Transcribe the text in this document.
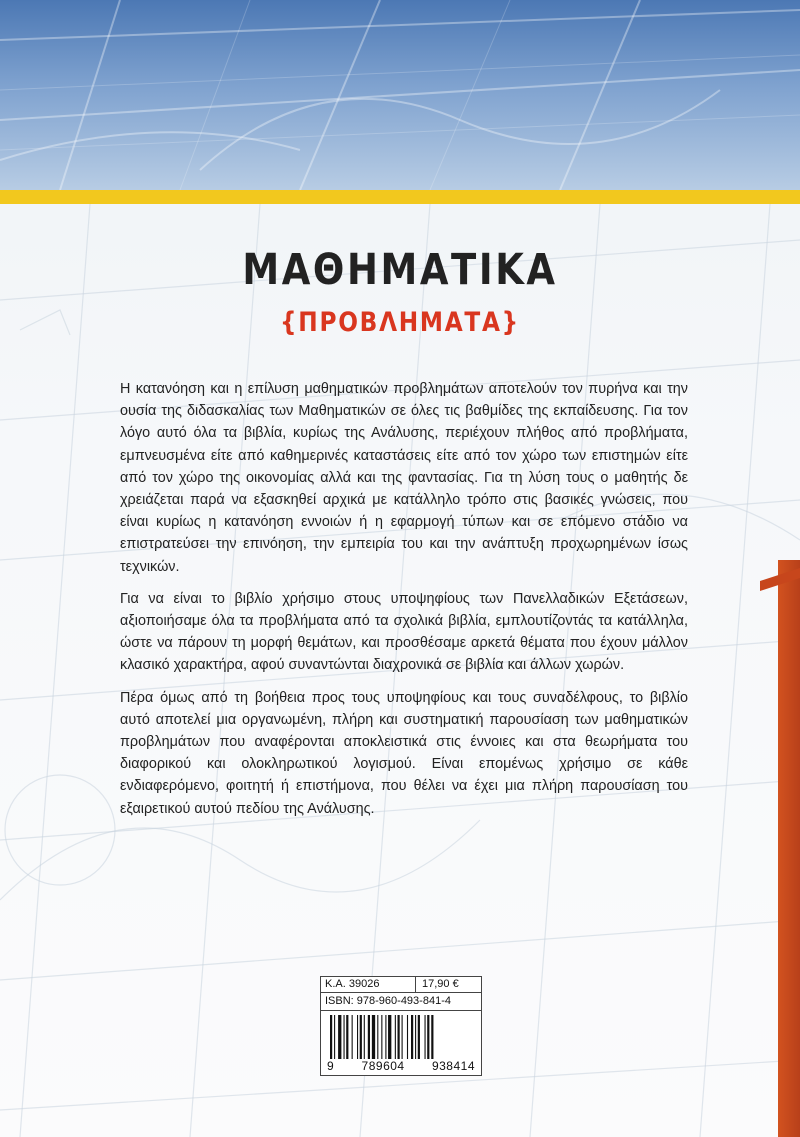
ΜΑΘΗΜΑΤΙΚΑ
{ΠΡΟΒΛΗΜΑΤΑ}

Η κατανόηση και η επίλυση μαθηματικών προβλημάτων αποτελούν τον πυρήνα και την ουσία της διδασκαλίας των Μαθηματικών σε όλες τις βαθμίδες της εκπαίδευσης. Για τον λόγο αυτό όλα τα βιβλία, κυρίως της Ανάλυσης, περιέχουν πλήθος από προβλήματα, εμπνευσμένα είτε από καθημερινές καταστάσεις είτε από τον χώρο των επιστημών είτε από τον χώρο της οικονομίας αλλά και της φαντασίας. Για τη λύση τους ο μαθητής δε χρειάζεται παρά να εξασκηθεί αρχικά με κατάλληλο τρόπο στις βασικές γνώσεις, που είναι κυρίως η κατανόηση εννοιών ή η εφαρμογή τύπων και σε επόμενο στάδιο να επιστρατεύσει την επινόηση, την εμπειρία του και την ανάπτυξη προχωρημένων ίσως τεχνικών.

Για να είναι το βιβλίο χρήσιμο στους υποψηφίους των Πανελλαδικών Εξετάσεων, αξιοποιήσαμε όλα τα προβλήματα από τα σχολικά βιβλία, εμπλουτίζοντάς τα κατάλληλα, ώστε να πάρουν τη μορφή θεμάτων, και προσθέσαμε αρκετά θέματα που έχουν μάλλον κλασικό χαρακτήρα, αφού συναντώνται διαχρονικά σε βιβλία και άλλων χωρών.

Πέρα όμως από τη βοήθεια προς τους υποψηφίους και τους συναδέλφους, το βιβλίο αυτό αποτελεί μια οργανωμένη, πλήρη και συστηματική παρουσίαση των μαθηματικών προβλημάτων που αναφέρονται αποκλειστικά στις έννοιες και στα θεωρήματα του διαφορικού και ολοκληρωτικού λογισμού. Είναι επομένως χρήσιμο σε κάθε ενδιαφερόμενο, φοιτητή ή επιστήμονα, που θέλει να έχει μια πλήρη παρουσίαση του εξαιρετικού αυτού πεδίου της Ανάλυσης.

Κ.Α. 39026	17,90 €
ISBN: 978-960-493-841-4
9 789604 938414
